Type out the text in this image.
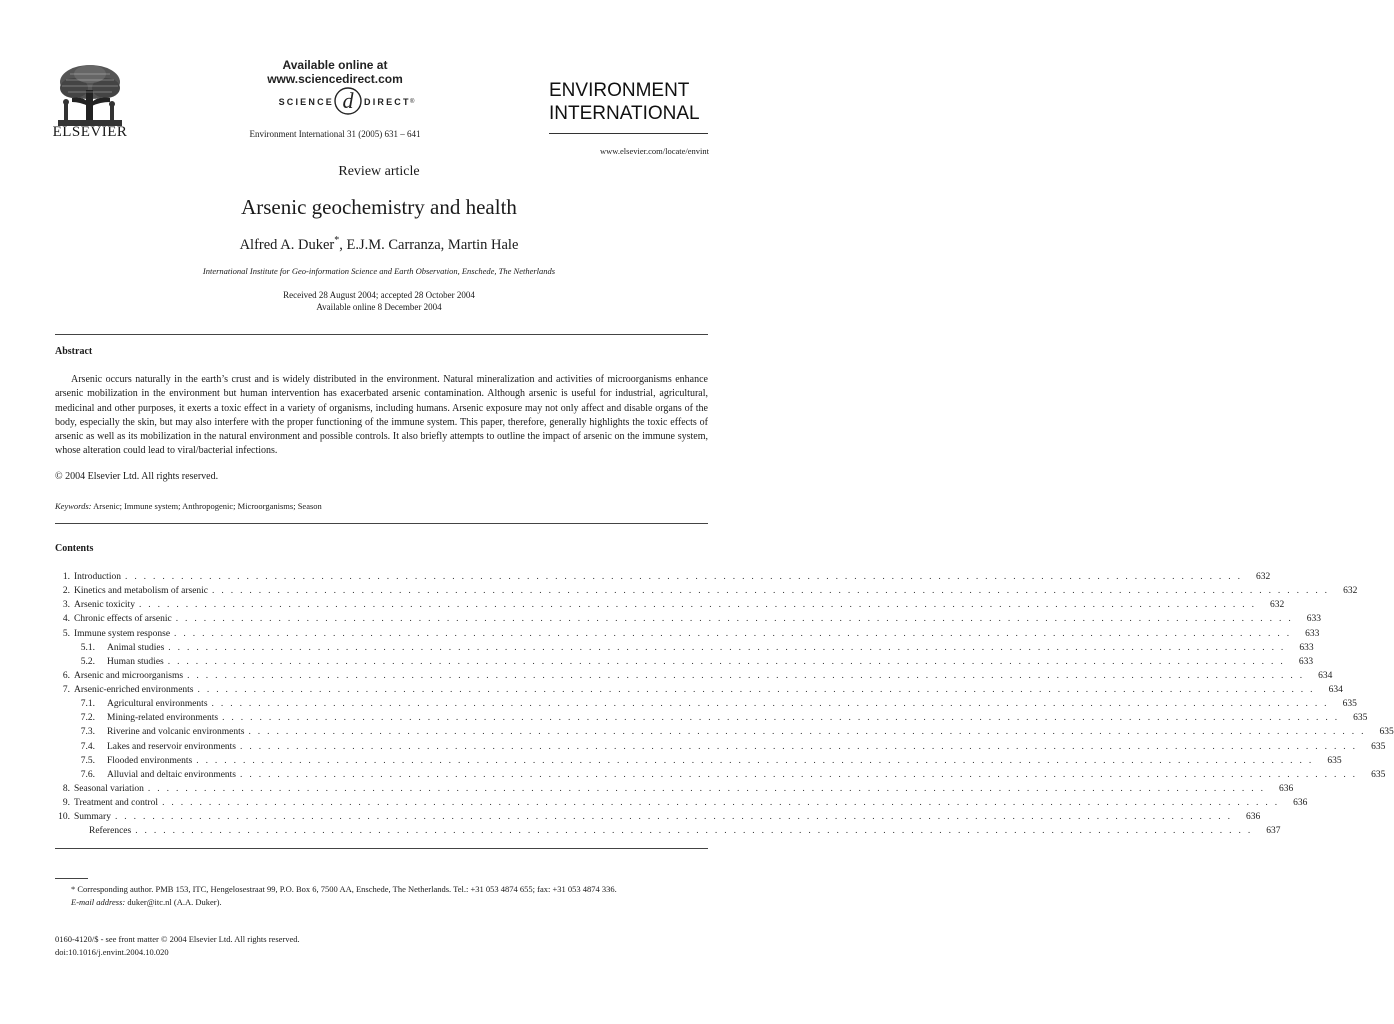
ELSEVIER
Available online at www.sciencedirect.com
SCIENCE d DIRECT ®
Environment International 31 (2005) 631 – 641
ENVIRONMENT
INTERNATIONAL
www.elsevier.com/locate/envint
Review article
Arsenic geochemistry and health
Alfred A. Duker*, E.J.M. Carranza, Martin Hale
International Institute for Geo-information Science and Earth Observation, Enschede, The Netherlands
Received 28 August 2004; accepted 28 October 2004
Available online 8 December 2004
Abstract
Arsenic occurs naturally in the earth’s crust and is widely distributed in the environment. Natural mineralization and activities of microorganisms enhance arsenic mobilization in the environment but human intervention has exacerbated arsenic contamination. Although arsenic is useful for industrial, agricultural, medicinal and other purposes, it exerts a toxic effect in a variety of organisms, including humans. Arsenic exposure may not only affect and disable organs of the body, especially the skin, but may also interfere with the proper functioning of the immune system. This paper, therefore, generally highlights the toxic effects of arsenic as well as its mobilization in the natural environment and possible controls. It also briefly attempts to outline the impact of arsenic on the immune system, whose alteration could lead to viral/bacterial infections.
© 2004 Elsevier Ltd. All rights reserved.
Keywords: Arsenic; Immune system; Anthropogenic; Microorganisms; Season
Contents
1. Introduction . . . . . . . . . . . . . . . . . . . . . . . . . . . . . . . . . . . . . . . . . . . . . . . . . . . . . . . . . . . . . . . . . . . . . . . . . . . . . . . . . . . . . . . . . . . . . . . . . . . . . . . . . . . . . . . . . . . . . . . .	632
2. Kinetics and metabolism of arsenic . . . . . . . . . . . . . . . . . . . . . . . . . . . . . . . . . . . . . . . . . . . . . . . . . . . . . . . . . . . . . . . . . . . . . . . . . . . . . . . . . . . . . . . . . . . . . . . . . . . . . . . . . . . . . . . . . . . . . . . .	632
3. Arsenic toxicity . . . . . . . . . . . . . . . . . . . . . . . . . . . . . . . . . . . . . . . . . . . . . . . . . . . . . . . . . . . . . . . . . . . . . . . . . . . . . . . . . . . . . . . . . . . . . . . . . . . . . . . . . . . . . . . . . . . . . . . .	632
4. Chronic effects of arsenic . . . . . . . . . . . . . . . . . . . . . . . . . . . . . . . . . . . . . . . . . . . . . . . . . . . . . . . . . . . . . . . . . . . . . . . . . . . . . . . . . . . . . . . . . . . . . . . . . . . . . . . . . . . . . . . . . . . . . . . .	633
5. Immune system response . . . . . . . . . . . . . . . . . . . . . . . . . . . . . . . . . . . . . . . . . . . . . . . . . . . . . . . . . . . . . . . . . . . . . . . . . . . . . . . . . . . . . . . . . . . . . . . . . . . . . . . . . . . . . . . . . . . . . . . .	633
5.1. Animal studies . . . . . . . . . . . . . . . . . . . . . . . . . . . . . . . . . . . . . . . . . . . . . . . . . . . . . . . . . . . . . . . . . . . . . . . . . . . . . . . . . . . . . . . . . . . . . . . . . . . . . . . . . . . . . . . . . . . . . . . .	633
5.2. Human studies . . . . . . . . . . . . . . . . . . . . . . . . . . . . . . . . . . . . . . . . . . . . . . . . . . . . . . . . . . . . . . . . . . . . . . . . . . . . . . . . . . . . . . . . . . . . . . . . . . . . . . . . . . . . . . . . . . . . . . . .	633
6. Arsenic and microorganisms . . . . . . . . . . . . . . . . . . . . . . . . . . . . . . . . . . . . . . . . . . . . . . . . . . . . . . . . . . . . . . . . . . . . . . . . . . . . . . . . . . . . . . . . . . . . . . . . . . . . . . . . . . . . . . . . . . . . . . . .	634
7. Arsenic-enriched environments . . . . . . . . . . . . . . . . . . . . . . . . . . . . . . . . . . . . . . . . . . . . . . . . . . . . . . . . . . . . . . . . . . . . . . . . . . . . . . . . . . . . . . . . . . . . . . . . . . . . . . . . . . . . . . . . . . . . . . . .	634
7.1. Agricultural environments . . . . . . . . . . . . . . . . . . . . . . . . . . . . . . . . . . . . . . . . . . . . . . . . . . . . . . . . . . . . . . . . . . . . . . . . . . . . . . . . . . . . . . . . . . . . . . . . . . . . . . . . . . . . . . . . . . . . . . . .	635
7.2. Mining-related environments . . . . . . . . . . . . . . . . . . . . . . . . . . . . . . . . . . . . . . . . . . . . . . . . . . . . . . . . . . . . . . . . . . . . . . . . . . . . . . . . . . . . . . . . . . . . . . . . . . . . . . . . . . . . . . . . . . . . . . . .	635
7.3. Riverine and volcanic environments . . . . . . . . . . . . . . . . . . . . . . . . . . . . . . . . . . . . . . . . . . . . . . . . . . . . . . . . . . . . . . . . . . . . . . . . . . . . . . . . . . . . . . . . . . . . . . . . . . . . . . . . . . . . . . . . . . . . . . . .	635
7.4. Lakes and reservoir environments . . . . . . . . . . . . . . . . . . . . . . . . . . . . . . . . . . . . . . . . . . . . . . . . . . . . . . . . . . . . . . . . . . . . . . . . . . . . . . . . . . . . . . . . . . . . . . . . . . . . . . . . . . . . . . . . . . . . . . . .	635
7.5. Flooded environments . . . . . . . . . . . . . . . . . . . . . . . . . . . . . . . . . . . . . . . . . . . . . . . . . . . . . . . . . . . . . . . . . . . . . . . . . . . . . . . . . . . . . . . . . . . . . . . . . . . . . . . . . . . . . . . . . . . . . . . .	635
7.6. Alluvial and deltaic environments . . . . . . . . . . . . . . . . . . . . . . . . . . . . . . . . . . . . . . . . . . . . . . . . . . . . . . . . . . . . . . . . . . . . . . . . . . . . . . . . . . . . . . . . . . . . . . . . . . . . . . . . . . . . . . . . . . . . . . . .	635
8. Seasonal variation . . . . . . . . . . . . . . . . . . . . . . . . . . . . . . . . . . . . . . . . . . . . . . . . . . . . . . . . . . . . . . . . . . . . . . . . . . . . . . . . . . . . . . . . . . . . . . . . . . . . . . . . . . . . . . . . . . . . . . . .	636
9. Treatment and control . . . . . . . . . . . . . . . . . . . . . . . . . . . . . . . . . . . . . . . . . . . . . . . . . . . . . . . . . . . . . . . . . . . . . . . . . . . . . . . . . . . . . . . . . . . . . . . . . . . . . . . . . . . . . . . . . . . . . . . .	636
10. Summary . . . . . . . . . . . . . . . . . . . . . . . . . . . . . . . . . . . . . . . . . . . . . . . . . . . . . . . . . . . . . . . . . . . . . . . . . . . . . . . . . . . . . . . . . . . . . . . . . . . . . . . . . . . . . . . . . . . . . . . .	636
References . . . . . . . . . . . . . . . . . . . . . . . . . . . . . . . . . . . . . . . . . . . . . . . . . . . . . . . . . . . . . . . . . . . . . . . . . . . . . . . . . . . . . . . . . . . . . . . . . . . . . . . . . . . . . . . . . . . . . . . .	637
* Corresponding author. PMB 153, ITC, Hengelosestraat 99, P.O. Box 6, 7500 AA, Enschede, The Netherlands. Tel.: +31 053 4874 655; fax: +31 053 4874 336.
E-mail address: duker@itc.nl (A.A. Duker).
0160-4120/$ - see front matter © 2004 Elsevier Ltd. All rights reserved.
doi:10.1016/j.envint.2004.10.020
